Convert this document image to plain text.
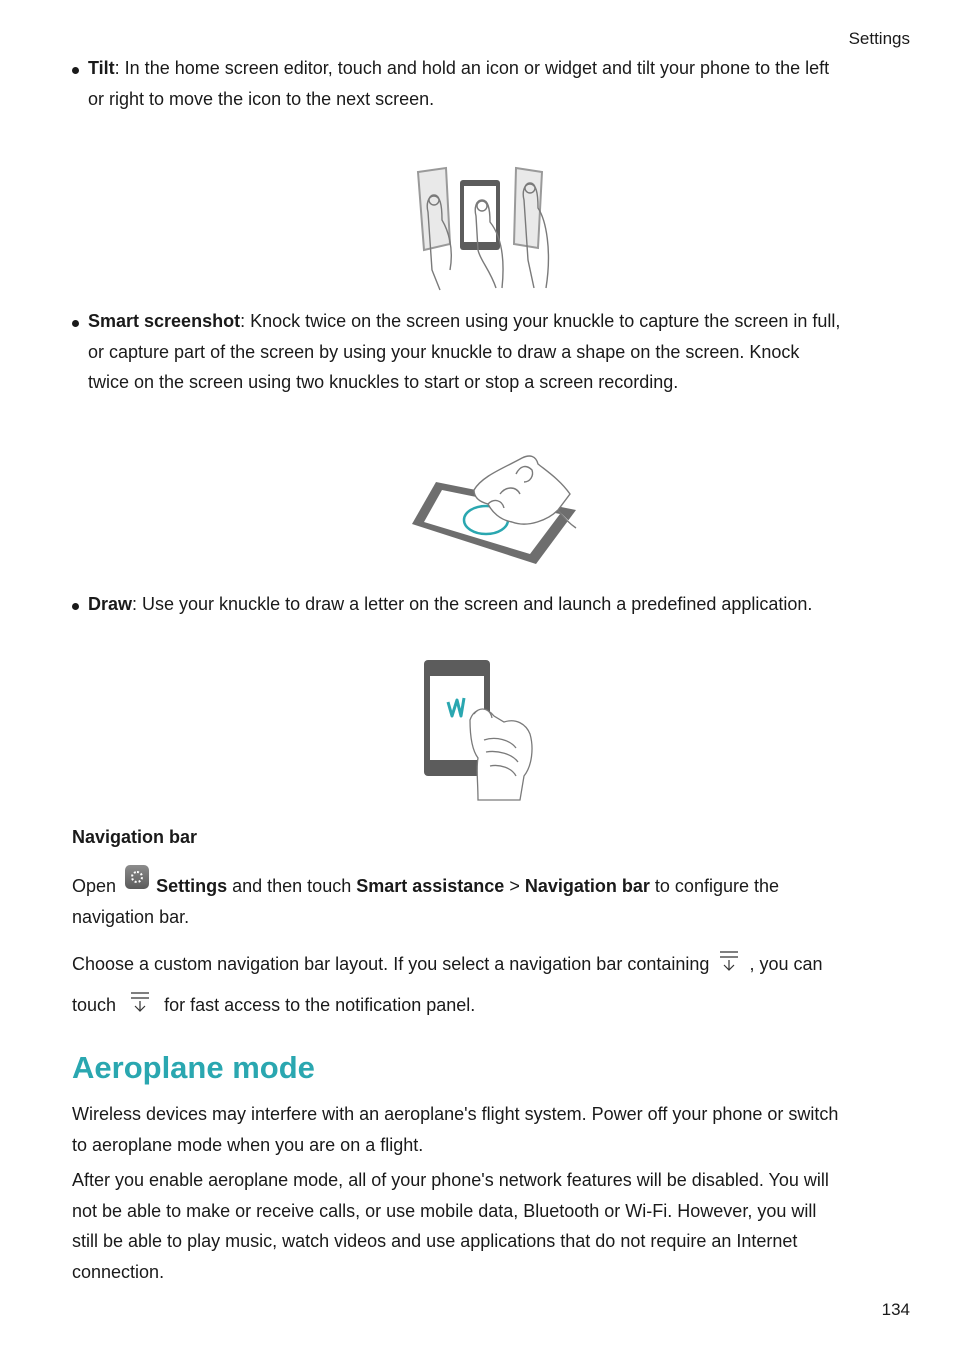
Settings
Tilt: In the home screen editor, touch and hold an icon or widget and tilt your phone to the left
or right to move the icon to the next screen.
Smart screenshot: Knock twice on the screen using your knuckle to capture the screen in full,
or capture part of the screen by using your knuckle to draw a shape on the screen. Knock
twice on the screen using two knuckles to start or stop a screen recording.
Draw: Use your knuckle to draw a letter on the screen and launch a predefined application.
Navigation bar
Open Settings and then touch Smart assistance > Navigation bar to configure the
navigation bar.
Choose a custom navigation bar layout. If you select a navigation bar containing , you can
touch	for fast access to the notification panel.
Aeroplane mode
Wireless devices may interfere with an aeroplane's flight system. Power off your phone or switch
to aeroplane mode when you are on a flight.
After you enable aeroplane mode, all of your phone's network features will be disabled. You will
not be able to make or receive calls, or use mobile data, Bluetooth or Wi-Fi. However, you will
still be able to play music, watch videos and use applications that do not require an Internet
connection.
134
